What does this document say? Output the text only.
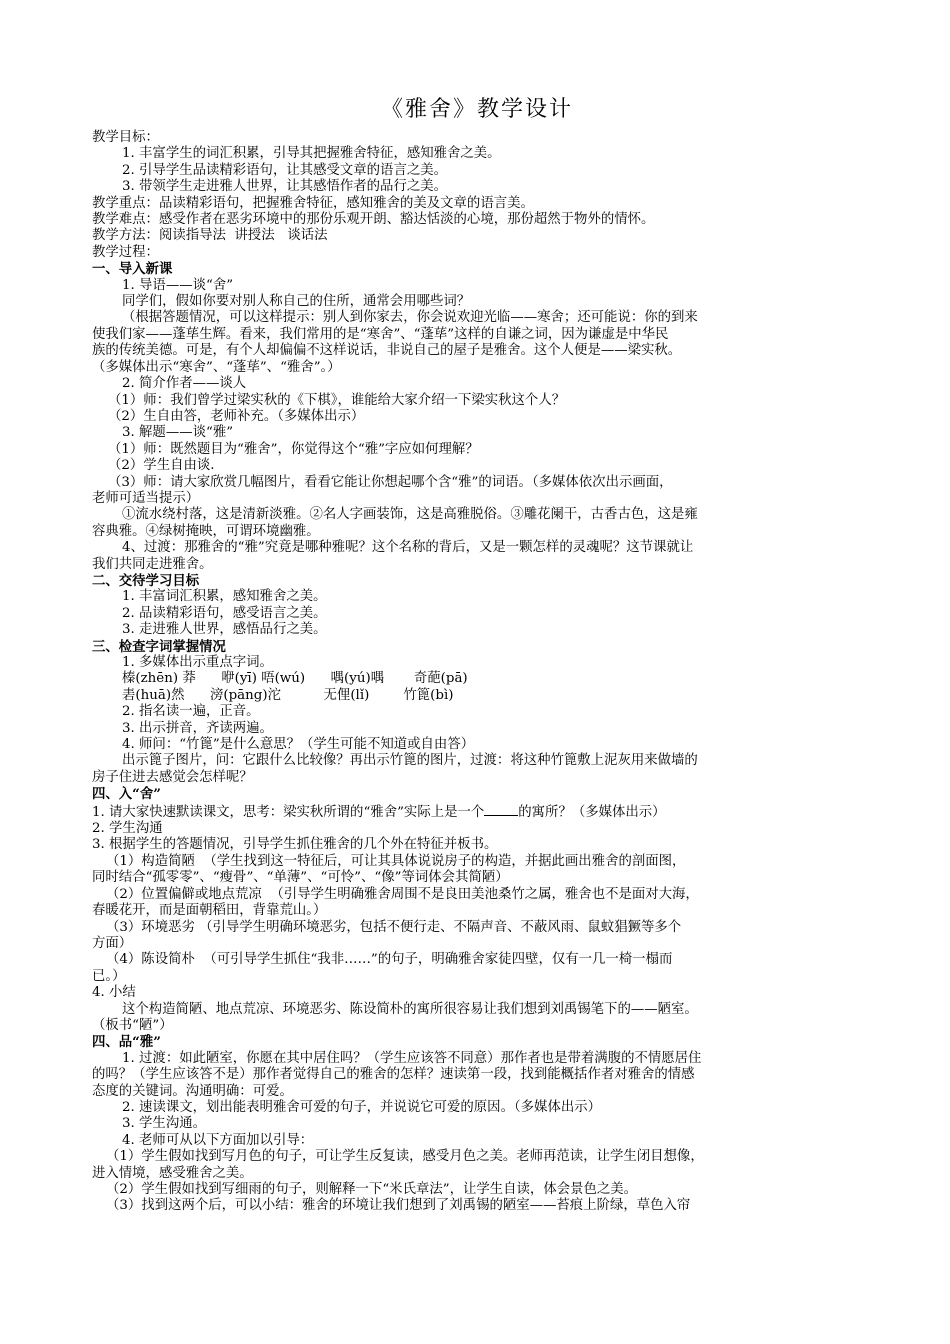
《雅舍》教学设计

教学目标：

1. 丰富学生的词汇积累，引导其把握雅舍特征，感知雅舍之美。

2. 引导学生品读精彩语句，让其感受文章的语言之美。

3. 带领学生走进雅人世界，让其感悟作者的品行之美。

教学重点：品读精彩语句，把握雅舍特征，感知雅舍的美及文章的语言美。

教学难点：感受作者在恶劣环境中的那份乐观开朗、豁达恬淡的心境，那份超然于物外的情怀。

教学方法：阅读指导法  讲授法   谈话法

教学过程：

一、导入新课

1. 导语——谈“舍”

同学们，假如你要对别人称自己的住所，通常会用哪些词？

（根据答题情况，可以这样提示：别人到你家去，你会说欢迎光临——寒舍；还可能说：你的到来

使我们家——蓬荜生辉。看来，我们常用的是“寒舍”、“蓬荜”这样的自谦之词，因为谦虚是中华民

族的传统美德。可是，有个人却偏偏不这样说话，非说自己的屋子是雅舍。这个人便是——梁实秋。

（多媒体出示“寒舍”、“蓬荜”、“雅舍”。）

2. 简介作者——谈人

（1）师：我们曾学过梁实秋的《下棋》，谁能给大家介绍一下梁实秋这个人？

（2）生自由答，老师补充。（多媒体出示）

3. 解题——谈“雅”

（1）师：既然题目为“雅舍”，你觉得这个“雅”字应如何理解？

（2）学生自由谈.

（3）师：请大家欣赏几幅图片，看看它能让你想起哪个含“雅”的词语。（多媒体依次出示画面，

老师可适当提示）

①流水绕村落，这是清新淡雅。②名人字画装饰，这是高雅脱俗。③雕花阑干，古香古色，这是雍

容典雅。④绿树掩映，可谓环境幽雅。

4、过渡：那雅舍的“雅”究竟是哪种雅呢？这个名称的背后，又是一颗怎样的灵魂呢？这节课就让

我们共同走进雅舍。

二、交待学习目标

1. 丰富词汇积累，感知雅舍之美。

2. 品读精彩语句，感受语言之美。

3. 走进雅人世界，感悟品行之美。

三、检查字词掌握情况

1. 多媒体出示重点字词。

榛(zhēn) 莽      咿(yī) 唔(wú)      喁(yú)喁       奇葩(pā)

砉(huā)然      滂(pāng)沱          无俚(lǐ)        竹篦(bì)

2. 指名读一遍，正音。

3. 出示拼音，齐读两遍。

4. 师问：“竹篦”是什么意思？（学生可能不知道或自由答）

出示篦子图片，问：它跟什么比较像？再出示竹篦的图片，过渡：将这种竹篦敷上泥灰用来做墙的

房子住进去感觉会怎样呢？

四、入“舍”

1. 请大家快速默读课文，思考：梁实秋所谓的“雅舍”实际上是一个	的寓所？（多媒体出示）

2. 学生沟通

3. 根据学生的答题情况，引导学生抓住雅舍的几个外在特征并板书。

（1）构造简陋  （学生找到这一特征后，可让其具体说说房子的构造，并据此画出雅舍的剖面图，

同时结合“孤零零”、“瘦骨”、“单薄”、“可怜”、“像”等词体会其简陋）

（2）位置偏僻或地点荒凉  （引导学生明确雅舍周围不是良田美池桑竹之属，雅舍也不是面对大海，

春暖花开，而是面朝稻田，背靠荒山。）

（3）环境恶劣 （引导学生明确环境恶劣，包括不便行走、不隔声音、不蔽风雨、鼠蚊猖獗等多个

方面）

（4）陈设简朴  （可引导学生抓住“我非……”的句子，明确雅舍家徒四壁，仅有一几一椅一榻而

已。）

4. 小结

这个构造简陋、地点荒凉、环境恶劣、陈设简朴的寓所很容易让我们想到刘禹锡笔下的——陋室。

（板书“陋”）

四、品“雅”

1. 过渡：如此陋室，你愿在其中居住吗？（学生应该答不同意）那作者也是带着满腹的不情愿居住

的吗？（学生应该答不是）那作者觉得自己的雅舍的怎样？速读第一段，找到能概括作者对雅舍的情感

态度的关键词。沟通明确：可爱。

2. 速读课文，划出能表明雅舍可爱的句子，并说说它可爱的原因。（多媒体出示）

3. 学生沟通。

4. 老师可从以下方面加以引导：

（1）学生假如找到写月色的句子，可让学生反复读，感受月色之美。老师再范读，让学生闭目想像，

进入情境，感受雅舍之美。

（2）学生假如找到写细雨的句子，则解释一下“米氏章法”，让学生自读，体会景色之美。

（3）找到这两个后，可以小结：雅舍的环境让我们想到了刘禹锡的陋室——苔痕上阶绿，草色入帘
